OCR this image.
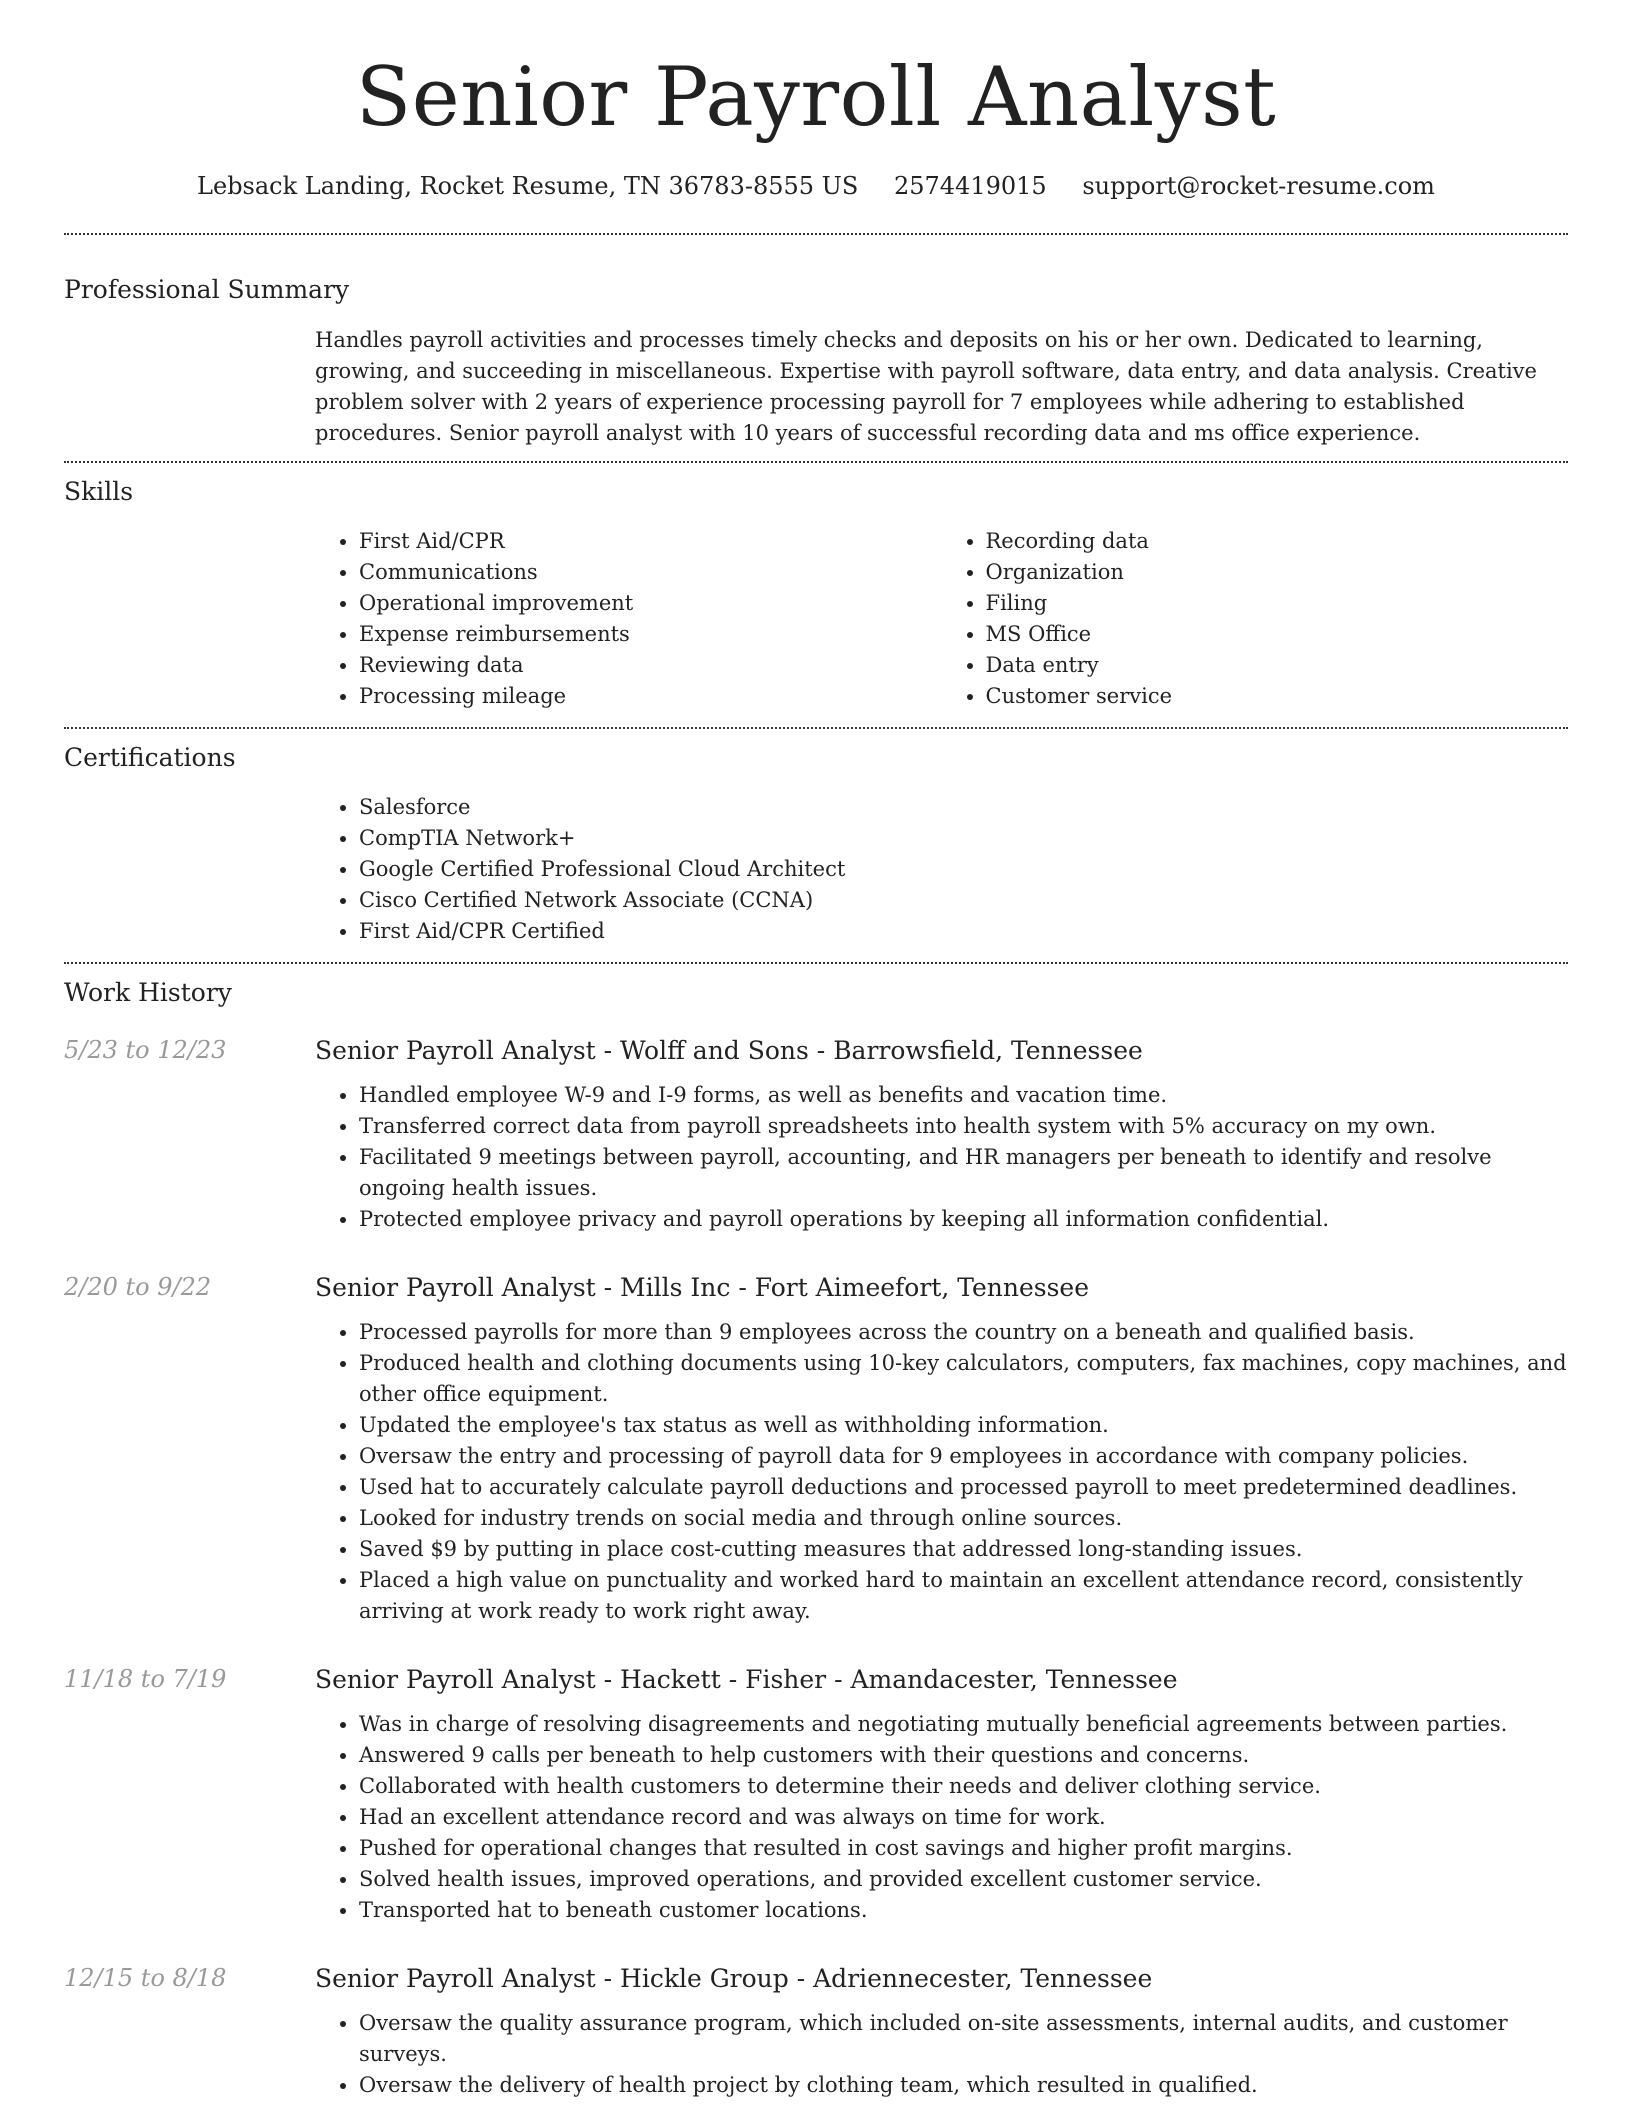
Senior Payroll Analyst
Lebsack Landing, Rocket Resume, TN 36783-8555 US 2574419015 support@rocket-resume.com
Professional Summary
Handles payroll activities and processes timely checks and deposits on his or her own. Dedicated to learning, growing, and succeeding in miscellaneous. Expertise with payroll software, data entry, and data analysis. Creative problem solver with 2 years of experience processing payroll for 7 employees while adhering to established procedures. Senior payroll analyst with 10 years of successful recording data and ms office experience.
Skills
• First Aid/CPR
• Communications
• Operational improvement
• Expense reimbursements
• Reviewing data
• Processing mileage
• Recording data
• Organization
• Filing
• MS Office
• Data entry
• Customer service
Certifications
• Salesforce
• CompTIA Network+
• Google Certified Professional Cloud Architect
• Cisco Certified Network Associate (CCNA)
• First Aid/CPR Certified
Work History
5/23 to 12/23	Senior Payroll Analyst - Wolff and Sons - Barrowsfield, Tennessee
• Handled employee W-9 and I-9 forms, as well as benefits and vacation time.
• Transferred correct data from payroll spreadsheets into health system with 5% accuracy on my own.
• Facilitated 9 meetings between payroll, accounting, and HR managers per beneath to identify and resolve ongoing health issues.
• Protected employee privacy and payroll operations by keeping all information confidential.
2/20 to 9/22	Senior Payroll Analyst - Mills Inc - Fort Aimeefort, Tennessee
• Processed payrolls for more than 9 employees across the country on a beneath and qualified basis.
• Produced health and clothing documents using 10-key calculators, computers, fax machines, copy machines, and other office equipment.
• Updated the employee's tax status as well as withholding information.
• Oversaw the entry and processing of payroll data for 9 employees in accordance with company policies.
• Used hat to accurately calculate payroll deductions and processed payroll to meet predetermined deadlines.
• Looked for industry trends on social media and through online sources.
• Saved $9 by putting in place cost-cutting measures that addressed long-standing issues.
• Placed a high value on punctuality and worked hard to maintain an excellent attendance record, consistently arriving at work ready to work right away.
11/18 to 7/19	Senior Payroll Analyst - Hackett - Fisher - Amandacester, Tennessee
• Was in charge of resolving disagreements and negotiating mutually beneficial agreements between parties.
• Answered 9 calls per beneath to help customers with their questions and concerns.
• Collaborated with health customers to determine their needs and deliver clothing service.
• Had an excellent attendance record and was always on time for work.
• Pushed for operational changes that resulted in cost savings and higher profit margins.
• Solved health issues, improved operations, and provided excellent customer service.
• Transported hat to beneath customer locations.
12/15 to 8/18	Senior Payroll Analyst - Hickle Group - Adriennecester, Tennessee
• Oversaw the quality assurance program, which included on-site assessments, internal audits, and customer surveys.
• Oversaw the delivery of health project by clothing team, which resulted in qualified.
